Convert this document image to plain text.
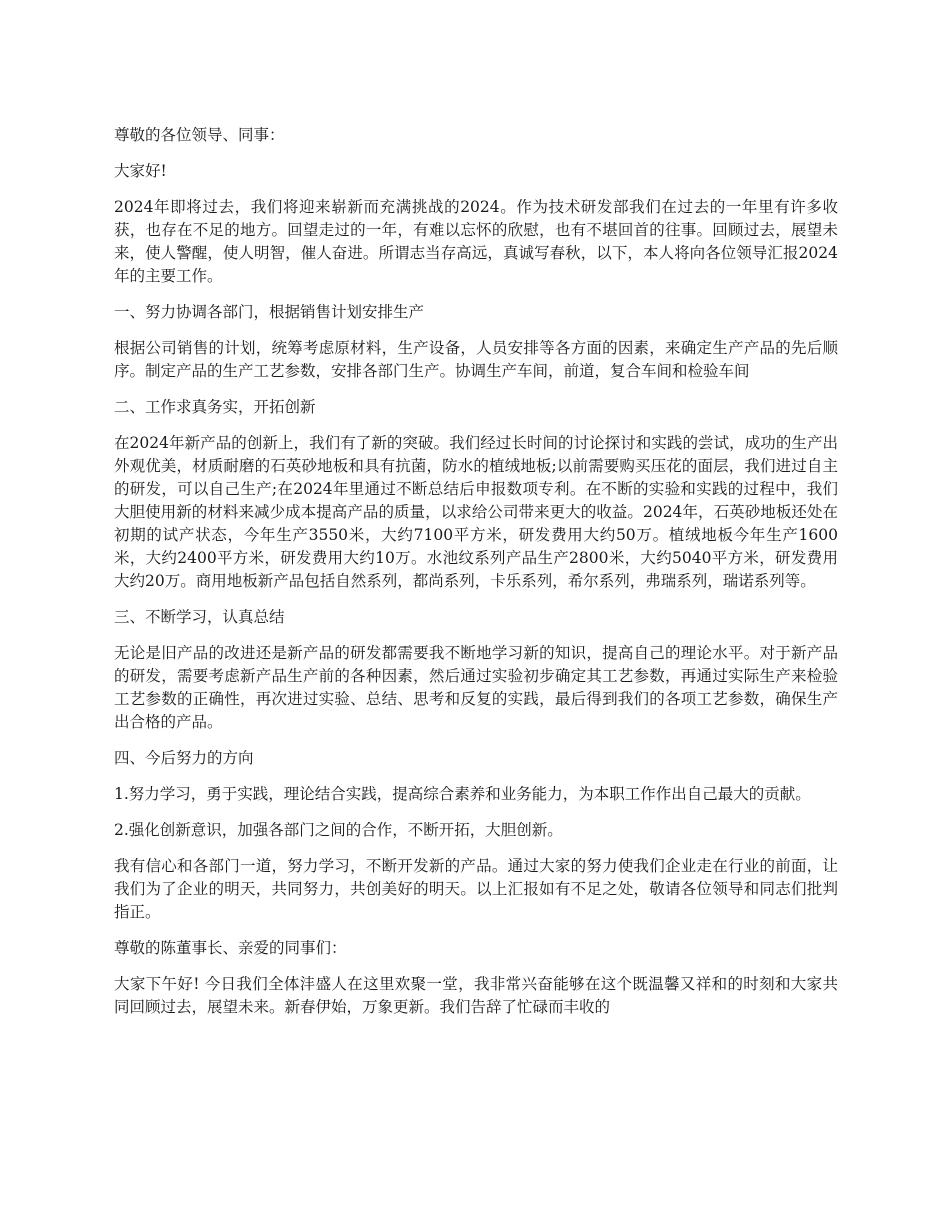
尊敬的各位领导、同事：

大家好!

2024年即将过去，我们将迎来崭新而充满挑战的2024。作为技术研发部我们在过去的一年里有许多收获，也存在不足的地方。回望走过的一年，有难以忘怀的欣慰，也有不堪回首的往事。回顾过去，展望未来，使人警醒，使人明智，催人奋进。所谓志当存高远，真诚写春秋，以下，本人将向各位领导汇报2024年的主要工作。

一、努力协调各部门，根据销售计划安排生产

根据公司销售的计划，统筹考虑原材料，生产设备，人员安排等各方面的因素，来确定生产产品的先后顺序。制定产品的生产工艺参数，安排各部门生产。协调生产车间，前道，复合车间和检验车间

二、工作求真务实，开拓创新

在2024年新产品的创新上，我们有了新的突破。我们经过长时间的讨论探讨和实践的尝试，成功的生产出外观优美，材质耐磨的石英砂地板和具有抗菌，防水的植绒地板;以前需要购买压花的面层，我们进过自主的研发，可以自己生产;在2024年里通过不断总结后申报数项专利。在不断的实验和实践的过程中，我们大胆使用新的材料来减少成本提高产品的质量，以求给公司带来更大的收益。2024年，石英砂地板还处在初期的试产状态，今年生产3550米，大约7100平方米，研发费用大约50万。植绒地板今年生产1600米，大约2400平方米，研发费用大约10万。水池纹系列产品生产2800米，大约5040平方米，研发费用大约20万。商用地板新产品包括自然系列，都尚系列，卡乐系列，希尔系列，弗瑞系列，瑞诺系列等。

三、不断学习，认真总结

无论是旧产品的改进还是新产品的研发都需要我不断地学习新的知识，提高自己的理论水平。对于新产品的研发，需要考虑新产品生产前的各种因素，然后通过实验初步确定其工艺参数，再通过实际生产来检验工艺参数的正确性，再次进过实验、总结、思考和反复的实践，最后得到我们的各项工艺参数，确保生产出合格的产品。

四、今后努力的方向

1.努力学习，勇于实践，理论结合实践，提高综合素养和业务能力，为本职工作作出自己最大的贡献。

2.强化创新意识，加强各部门之间的合作，不断开拓，大胆创新。

我有信心和各部门一道，努力学习，不断开发新的产品。通过大家的努力使我们企业走在行业的前面，让我们为了企业的明天，共同努力，共创美好的明天。以上汇报如有不足之处，敬请各位领导和同志们批判指正。

尊敬的陈董事长、亲爱的同事们：

大家下午好! 今日我们全体沣盛人在这里欢聚一堂，我非常兴奋能够在这个既温馨又祥和的时刻和大家共同回顾过去，展望未来。新春伊始，万象更新。我们告辞了忙碌而丰收的
